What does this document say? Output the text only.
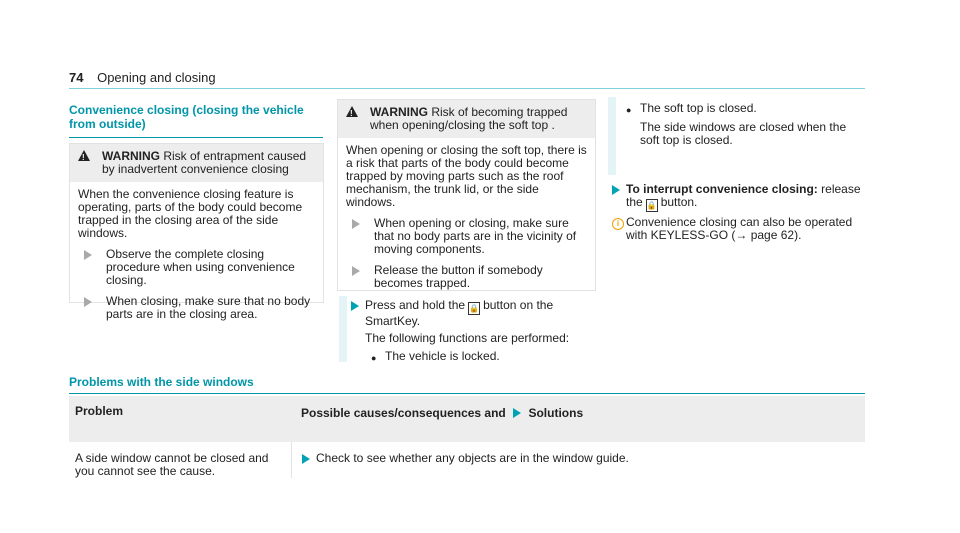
74 Opening and closing
Convenience closing (closing the vehicle from outside)
!
WARNING Risk of entrapment caused by inadvertent convenience closing
When the convenience closing feature is operating, parts of the body could become trapped in the closing area of the side windows.
Observe the complete closing procedure when using convenience closing.
When closing, make sure that no body parts are in the closing area.
!
WARNING Risk of becoming trapped when opening/closing the soft top .
When opening or closing the soft top, there is a risk that parts of the body could become trapped by moving parts such as the roof mechanism, the trunk lid, or the side windows.
When opening or closing, make sure that no body parts are in the vicinity of moving components.
Release the button if somebody becomes trapped.
Press and hold the 🔒 button on the SmartKey.
The following functions are performed:
● The vehicle is locked.
● The soft top is closed.
The side windows are closed when the soft top is closed.
To interrupt convenience closing: release the 🔒 button.
i Convenience closing can also be operated with KEYLESS-GO (→ page 62).
Problems with the side windows
Problem	Possible causes/consequences and Solutions
A side window cannot be closed and you cannot see the cause.
Check to see whether any objects are in the window guide.
